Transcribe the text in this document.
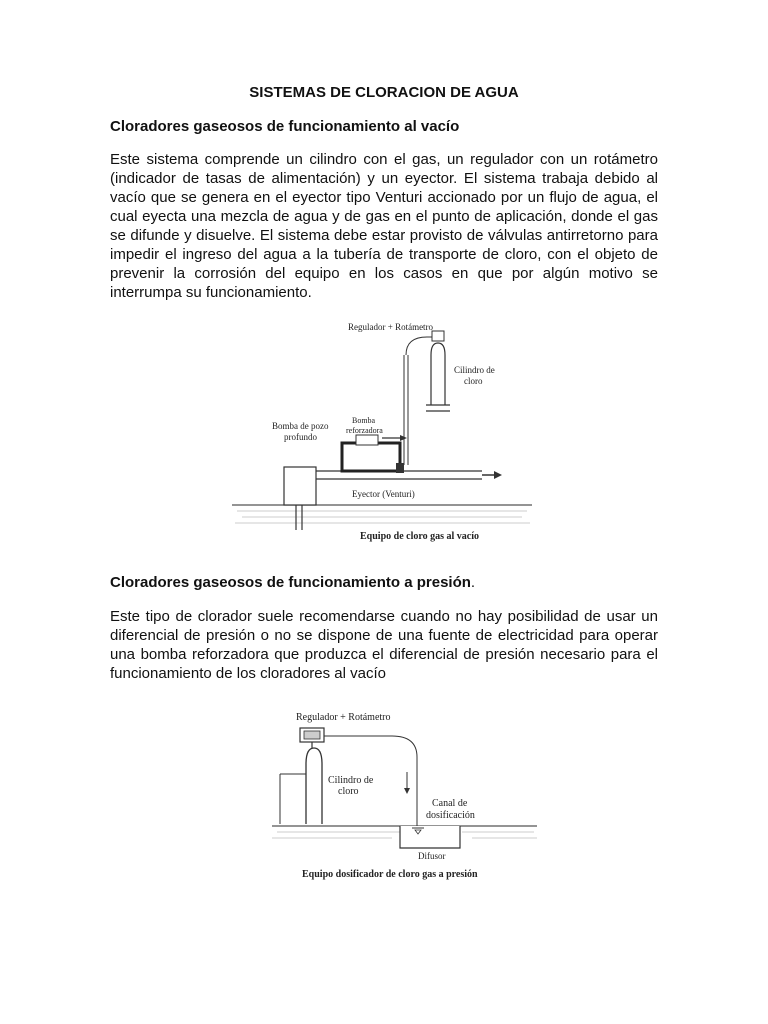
SISTEMAS DE CLORACION DE AGUA
Cloradores gaseosos de funcionamiento al vacío

Este sistema comprende un cilindro con el gas, un regulador con un rotámetro (indicador de tasas de alimentación) y un eyector. El sistema trabaja debido al vacío que se genera en el eyector tipo Venturi accionado por un flujo de agua, el cual eyecta una mezcla de agua y de gas en el punto de aplicación, donde el gas se difunde y disuelve. El sistema debe estar provisto de válvulas antirretorno para impedir el ingreso del agua a la tubería de transporte de cloro, con el objeto de prevenir la corrosión del equipo en los casos en que por algún motivo se interrumpa su funcionamiento.

Regulador + Rotámetro
Cilindro de
cloro
Bomba de pozo
profundo
Bomba
reforzadora
Eyector (Venturi)
Equipo de cloro gas al vacío
Cloradores gaseosos de funcionamiento a presión.

Este tipo de clorador suele recomendarse cuando no hay posibilidad de usar un diferencial de presión o no se dispone de una fuente de electricidad para operar una bomba reforzadora que produzca el diferencial de presión necesario para el funcionamiento de los cloradores al vacío

Regulador + Rotámetro
Cilindro de
cloro
Canal de
dosificación
Difusor
Equipo dosificador de cloro gas a presión
